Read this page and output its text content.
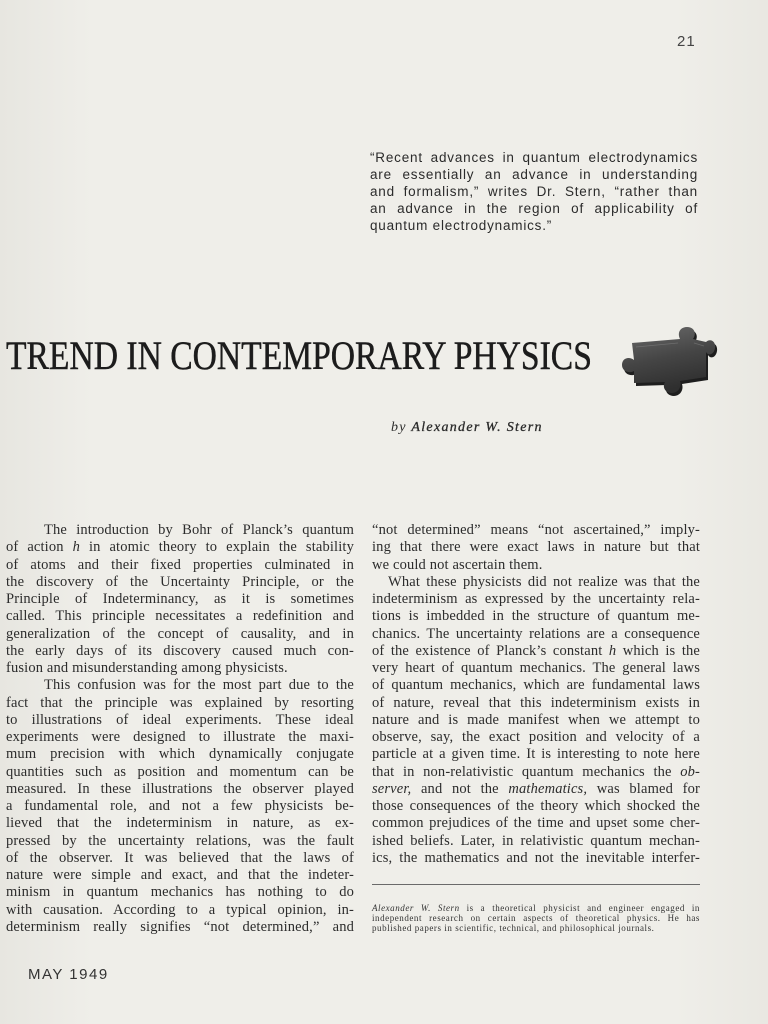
21
“Recent advances in quantum electrodynamics
are essentially an advance in understanding
and formalism,” writes Dr. Stern, “rather than
an advance in the region of applicability of
quantum electrodynamics.”
TREND IN CONTEMPORARY PHYSICS
by Alexander W. Stern
The introduction by Bohr of Planck’s quantum
of action h in atomic theory to explain the stability
of atoms and their fixed properties culminated in
the discovery of the Uncertainty Principle, or the
Principle of Indeterminancy, as it is sometimes
called. This principle necessitates a redefinition and
generalization of the concept of causality, and in
the early days of its discovery caused much con-
fusion and misunderstanding among physicists.
This confusion was for the most part due to the
fact that the principle was explained by resorting
to illustrations of ideal experiments. These ideal
experiments were designed to illustrate the maxi-
mum precision with which dynamically conjugate
quantities such as position and momentum can be
measured. In these illustrations the observer played
a fundamental role, and not a few physicists be-
lieved that the indeterminism in nature, as ex-
pressed by the uncertainty relations, was the fault
of the observer. It was believed that the laws of
nature were simple and exact, and that the indeter-
minism in quantum mechanics has nothing to do
with causation. According to a typical opinion, in-
determinism really signifies “not determined,” and
“not determined” means “not ascertained,” imply-
ing that there were exact laws in nature but that
we could not ascertain them.
What these physicists did not realize was that the
indeterminism as expressed by the uncertainty rela-
tions is imbedded in the structure of quantum me-
chanics. The uncertainty relations are a consequence
of the existence of Planck’s constant h which is the
very heart of quantum mechanics. The general laws
of quantum mechanics, which are fundamental laws
of nature, reveal that this indeterminism exists in
nature and is made manifest when we attempt to
observe, say, the exact position and velocity of a
particle at a given time. It is interesting to note here
that in non-relativistic quantum mechanics the ob-
server, and not the mathematics, was blamed for
those consequences of the theory which shocked the
common prejudices of the time and upset some cher-
ished beliefs. Later, in relativistic quantum mechan-
ics, the mathematics and not the inevitable interfer-
Alexander W. Stern is a theoretical physicist and engineer engaged in
independent research on certain aspects of theoretical physics. He has
published papers in scientific, technical, and philosophical journals.
MAY 1949
